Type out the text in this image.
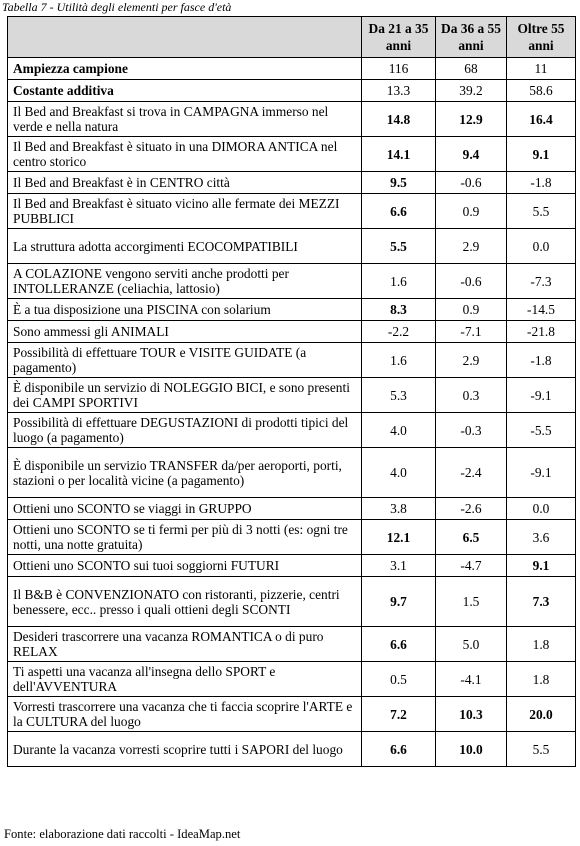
Tabella 7 - Utilità degli elementi per fasce d'età
	Da 21 a 35 anni	Da 36 a 55 anni	Oltre 55 anni
Ampiezza campione	116	68	11
Costante additiva	13.3	39.2	58.6
Il Bed and Breakfast si trova in CAMPAGNA immerso nel verde e nella natura	14.8	12.9	16.4
Il Bed and Breakfast è situato in una DIMORA ANTICA nel centro storico	14.1	9.4	9.1
Il Bed and Breakfast è in CENTRO città	9.5	-0.6	-1.8
Il Bed and Breakfast è situato vicino alle fermate dei MEZZI PUBBLICI	6.6	0.9	5.5
La struttura adotta accorgimenti ECOCOMPATIBILI	5.5	2.9	0.0
A COLAZIONE vengono serviti anche prodotti per INTOLLERANZE (celiachia, lattosio)	1.6	-0.6	-7.3
È a tua disposizione una PISCINA con solarium	8.3	0.9	-14.5
Sono ammessi gli ANIMALI	-2.2	-7.1	-21.8
Possibilità di effettuare TOUR e VISITE GUIDATE (a pagamento)	1.6	2.9	-1.8
È disponibile un servizio di NOLEGGIO BICI, e sono presenti dei CAMPI SPORTIVI	5.3	0.3	-9.1
Possibilità di effettuare DEGUSTAZIONI di prodotti tipici del luogo (a pagamento)	4.0	-0.3	-5.5
È disponibile un servizio TRANSFER da/per aeroporti, porti, stazioni o per località vicine (a pagamento)	4.0	-2.4	-9.1
Ottieni uno SCONTO se viaggi in GRUPPO	3.8	-2.6	0.0
Ottieni uno SCONTO se ti fermi per più di 3 notti (es: ogni tre notti, una notte gratuita)	12.1	6.5	3.6
Ottieni uno SCONTO sui tuoi soggiorni FUTURI	3.1	-4.7	9.1
Il B&B è CONVENZIONATO con ristoranti, pizzerie, centri benessere, ecc.. presso i quali ottieni degli SCONTI	9.7	1.5	7.3
Desideri trascorrere una vacanza ROMANTICA o di puro RELAX	6.6	5.0	1.8
Ti aspetti una vacanza all'insegna dello SPORT e dell'AVVENTURA	0.5	-4.1	1.8
Vorresti trascorrere una vacanza che ti faccia scoprire l'ARTE e la CULTURA del luogo	7.2	10.3	20.0
Durante la vacanza vorresti scoprire tutti i SAPORI del luogo	6.6	10.0	5.5
Fonte: elaborazione dati raccolti - IdeaMap.net
